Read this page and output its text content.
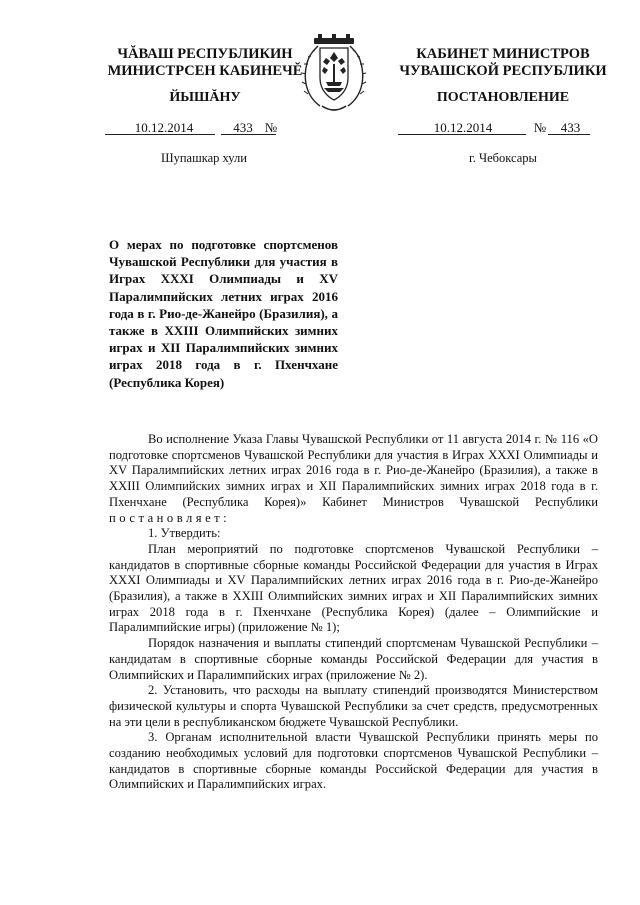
ЧĂВАШ РЕСПУБЛИКИН
МИНИСТРСЕН КАБИНЕЧĔ
ЙЫШĂНУ
КАБИНЕТ МИНИСТРОВ
ЧУВАШСКОЙ РЕСПУБЛИКИ
ПОСТАНОВЛЕНИЕ
10.12.2014	433 №	10.12.2014	№	433
Шупашкар хули	г. Чебоксары
О мерах по подготовке спортсменов Чувашской Республики для участия в Играх XXXI Олимпиады и XV Паралимпийских летних играх 2016 года в г. Рио-де-Жанейро (Бразилия), а также в XXIII Олимпийских зимних играх и XII Паралимпийских зимних играх 2018 года в г. Пхенчхане (Республика Корея)

Во исполнение Указа Главы Чувашской Республики от 11 августа 2014 г. № 116 «О подготовке спортсменов Чувашской Республики для участия в Играх XXXI Олимпиады и XV Паралимпийских летних играх 2016 года в г. Рио-де-Жанейро (Бразилия), а также в XXIII Олимпийских зимних играх и XII Паралимпийских зимних играх 2018 года в г. Пхенчхане (Республика Корея)» Кабинет Министров Чувашской Республики постановляет:

1. Утвердить:

План мероприятий по подготовке спортсменов Чувашской Республики – кандидатов в спортивные сборные команды Российской Федерации для участия в Играх XXXI Олимпиады и XV Паралимпийских летних играх 2016 года в г. Рио-де-Жанейро (Бразилия), а также в XXIII Олимпийских зимних играх и XII Паралимпийских зимних играх 2018 года в г. Пхенчхане (Республика Корея) (далее – Олимпийские и Паралимпийские игры) (приложение № 1);

Порядок назначения и выплаты стипендий спортсменам Чувашской Республики – кандидатам в спортивные сборные команды Российской Федерации для участия в Олимпийских и Паралимпийских играх (приложение № 2).

2. Установить, что расходы на выплату стипендий производятся Министерством физической культуры и спорта Чувашской Республики за счет средств, предусмотренных на эти цели в республиканском бюджете Чувашской Республики.

3. Органам исполнительной власти Чувашской Республики принять меры по созданию необходимых условий для подготовки спортсменов Чувашской Республики – кандидатов в спортивные сборные команды Российской Федерации для участия в Олимпийских и Паралимпийских играх.
